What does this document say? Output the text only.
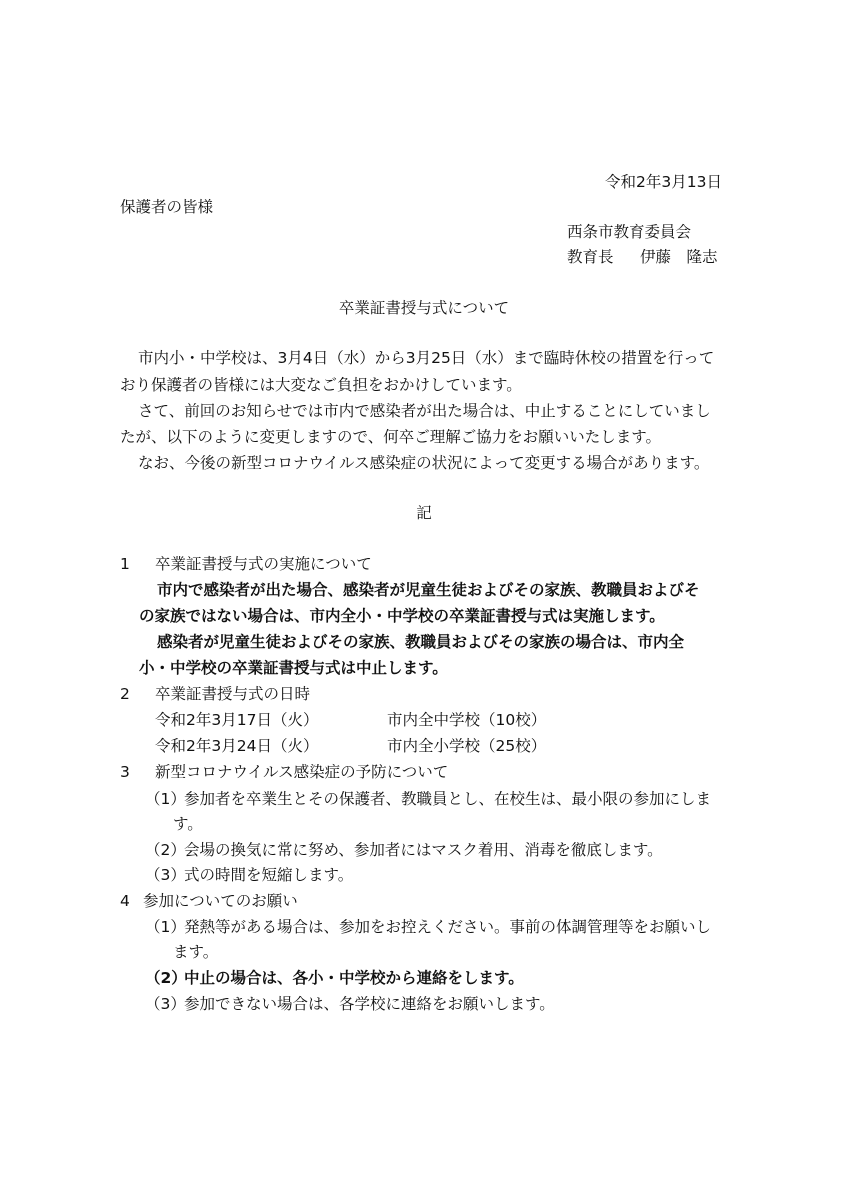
令和2年3月13日
保護者の皆様
西条市教育委員会
教育長 伊藤　隆志
卒業証書授与式について
市内小・中学校は、3月4日（水）から3月25日（水）まで臨時休校の措置を行って
おり保護者の皆様には大変なご負担をおかけしています。
さて、前回のお知らせでは市内で感染者が出た場合は、中止することにしていまし
たが、以下のように変更しますので、何卒ご理解ご協力をお願いいたします。
なお、今後の新型コロナウイルス感染症の状況によって変更する場合があります。
記
1 卒業証書授与式の実施について
市内で感染者が出た場合、感染者が児童生徒およびその家族、教職員およびそ
の家族ではない場合は、市内全小・中学校の卒業証書授与式は実施します。
感染者が児童生徒およびその家族、教職員およびその家族の場合は、市内全
小・中学校の卒業証書授与式は中止します。
2 卒業証書授与式の日時
令和2年3月17日（火）	市内全中学校（10校）
令和2年3月24日（火）	市内全小学校（25校）
3 新型コロナウイルス感染症の予防について
（1）
参加者を卒業生とその保護者、教職員とし、在校生は、最小限の参加にしま
す。
（2）
会場の換気に常に努め、参加者にはマスク着用、消毒を徹底します。
（3）
式の時間を短縮します。
4 参加についてのお願い
（1）
発熱等がある場合は、参加をお控えください。事前の体調管理等をお願いし
ます。
（2）
中止の場合は、各小・中学校から連絡をします。
（3）
参加できない場合は、各学校に連絡をお願いします。
